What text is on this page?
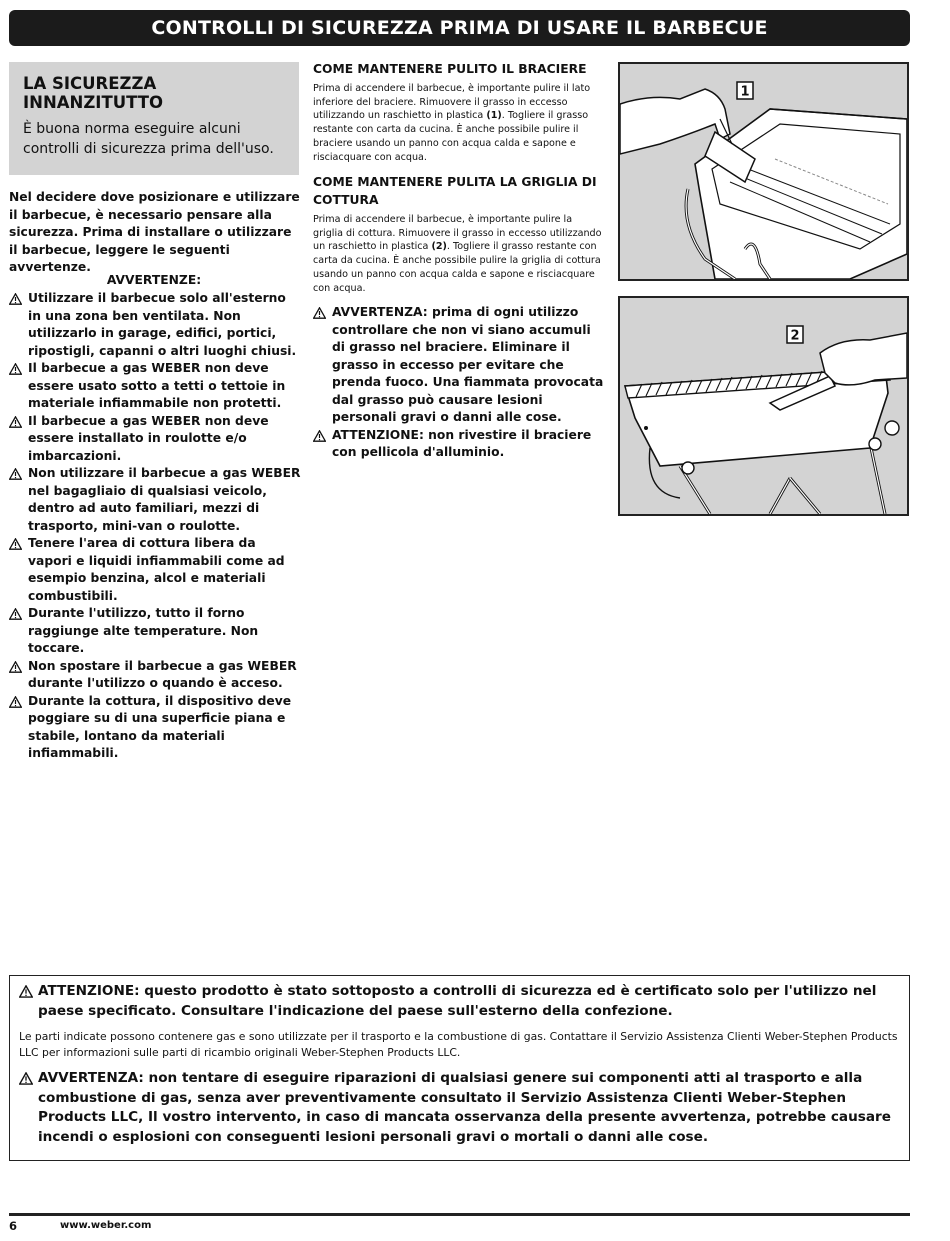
CONTROLLI DI SICUREZZA PRIMA DI USARE IL BARBECUE
LA SICUREZZA INNANZITUTTO
È buona norma eseguire alcuni controlli di sicurezza prima dell'uso.
Nel decidere dove posizionare e utilizzare il barbecue, è necessario pensare alla sicurezza. Prima di installare o utilizzare il barbecue, leggere le seguenti avvertenze.
AVVERTENZE:
Utilizzare il barbecue solo all'esterno in una zona ben ventilata. Non utilizzarlo in garage, edifici, portici, ripostigli, capanni o altri luoghi chiusi.
Il barbecue a gas WEBER non deve essere usato sotto a tetti o tettoie in materiale infiammabile non protetti.
Il barbecue a gas WEBER non deve essere installato in roulotte e/o imbarcazioni.
Non utilizzare il barbecue a gas WEBER nel bagagliaio di qualsiasi veicolo, dentro ad auto familiari, mezzi di trasporto, mini-van o roulotte.
Tenere l'area di cottura libera da vapori e liquidi infiammabili come ad esempio benzina, alcol e materiali combustibili.
Durante l'utilizzo, tutto il forno raggiunge alte temperature. Non toccare.
Non spostare il barbecue a gas WEBER durante l'utilizzo o quando è acceso.
Durante la cottura, il dispositivo deve poggiare su di una superficie piana e stabile, lontano da materiali infiammabili.
COME MANTENERE PULITO IL BRACIERE
Prima di accendere il barbecue, è importante pulire il lato inferiore del braciere. Rimuovere il grasso in eccesso utilizzando un raschietto in plastica (1). Togliere il grasso restante con carta da cucina. È anche possibile pulire il braciere usando un panno con acqua calda e sapone e risciacquare con acqua.
COME MANTENERE PULITA LA GRIGLIA DI COTTURA
Prima di accendere il barbecue, è importante pulire la griglia di cottura. Rimuovere il grasso in eccesso utilizzando un raschietto in plastica (2). Togliere il grasso restante con carta da cucina. È anche possibile pulire la griglia di cottura usando un panno con acqua calda e sapone e risciacquare con acqua.
AVVERTENZA: prima di ogni utilizzo controllare che non vi siano accumuli di grasso nel braciere. Eliminare il grasso in eccesso per evitare che prenda fuoco. Una fiammata provocata dal grasso può causare lesioni personali gravi o danni alle cose.
ATTENZIONE: non rivestire il braciere con pellicola d'alluminio.
1
2
ATTENZIONE: questo prodotto è stato sottoposto a controlli di sicurezza ed è certificato solo per l'utilizzo nel paese specificato. Consultare l'indicazione del paese sull'esterno della confezione.
Le parti indicate possono contenere gas e sono utilizzate per il trasporto e la combustione di gas. Contattare il Servizio Assistenza Clienti Weber-Stephen Products LLC per informazioni sulle parti di ricambio originali Weber-Stephen Products LLC.
AVVERTENZA: non tentare di eseguire riparazioni di qualsiasi genere sui componenti atti al trasporto e alla combustione di gas, senza aver preventivamente consultato il Servizio Assistenza Clienti Weber-Stephen Products LLC, Il vostro intervento, in caso di mancata osservanza della presente avvertenza, potrebbe causare incendi o esplosioni con conseguenti lesioni personali gravi o mortali o danni alle cose.
6	www.weber.com
